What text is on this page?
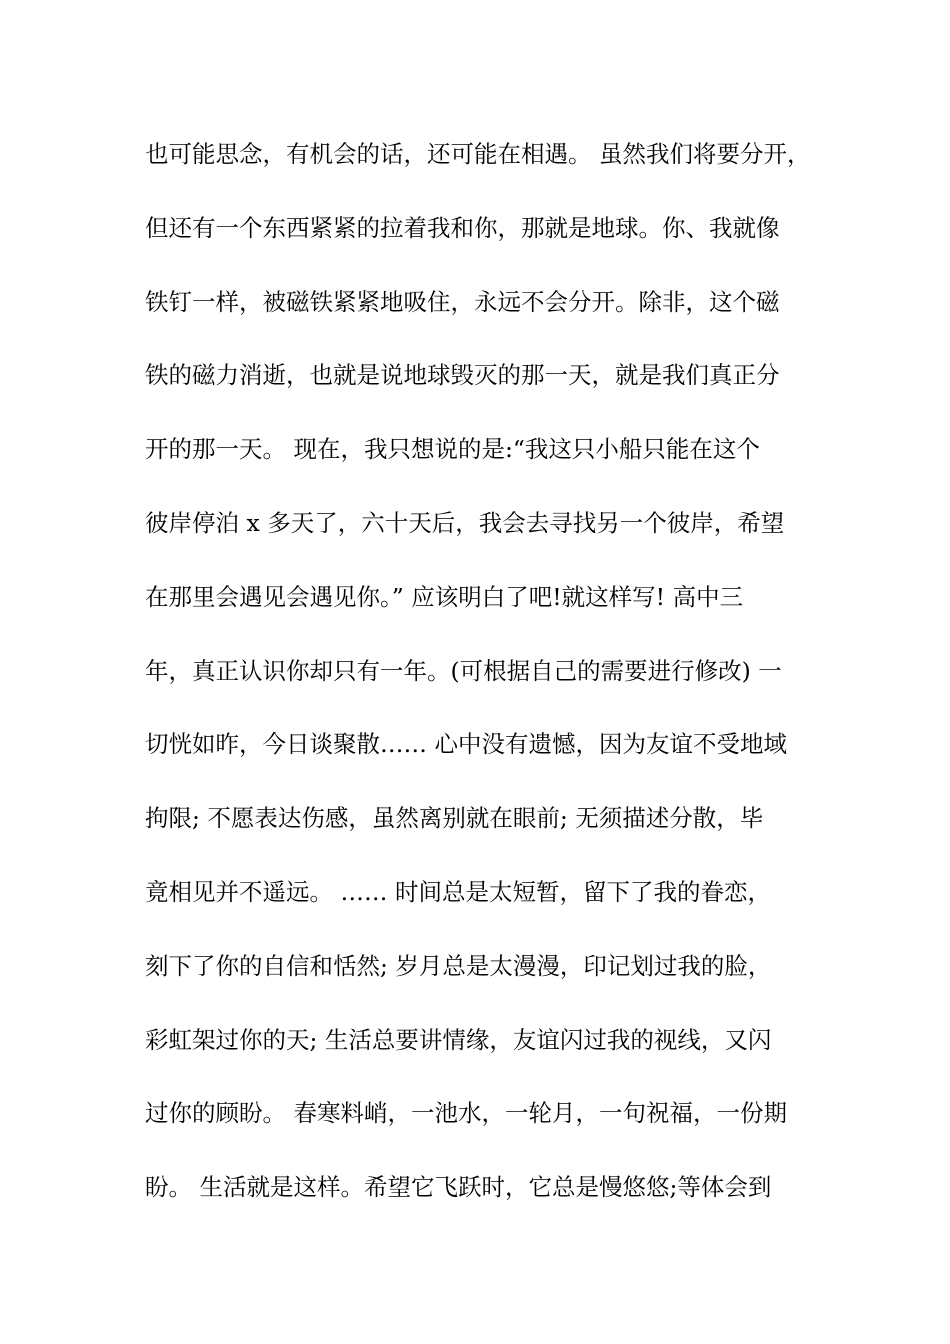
也可能思念，有机会的话，还可能在相遇。 虽然我们将要分开，
但还有一个东西紧紧的拉着我和你，那就是地球。你、我就像
铁钉一样，被磁铁紧紧地吸住，永远不会分开。除非，这个磁
铁的磁力消逝，也就是说地球毁灭的那一天，就是我们真正分
开的那一天。 现在，我只想说的是:“我这只小船只能在这个
彼岸停泊 x 多天了，六十天后，我会去寻找另一个彼岸，希望
在那里会遇见会遇见你。” 应该明白了吧!就这样写! 高中三
年，真正认识你却只有一年。(可根据自己的需要进行修改) 一
切恍如昨，今日谈聚散…… 心中没有遗憾，因为友谊不受地域
拘限; 不愿表达伤感，虽然离别就在眼前; 无须描述分散，毕
竟相见并不遥远。 …… 时间总是太短暂，留下了我的眷恋，
刻下了你的自信和恬然; 岁月总是太漫漫，印记划过我的脸，
彩虹架过你的天; 生活总要讲情缘，友谊闪过我的视线，又闪
过你的顾盼。 春寒料峭，一池水，一轮月，一句祝福，一份期
盼。 生活就是这样。希望它飞跃时，它总是慢悠悠;等体会到
